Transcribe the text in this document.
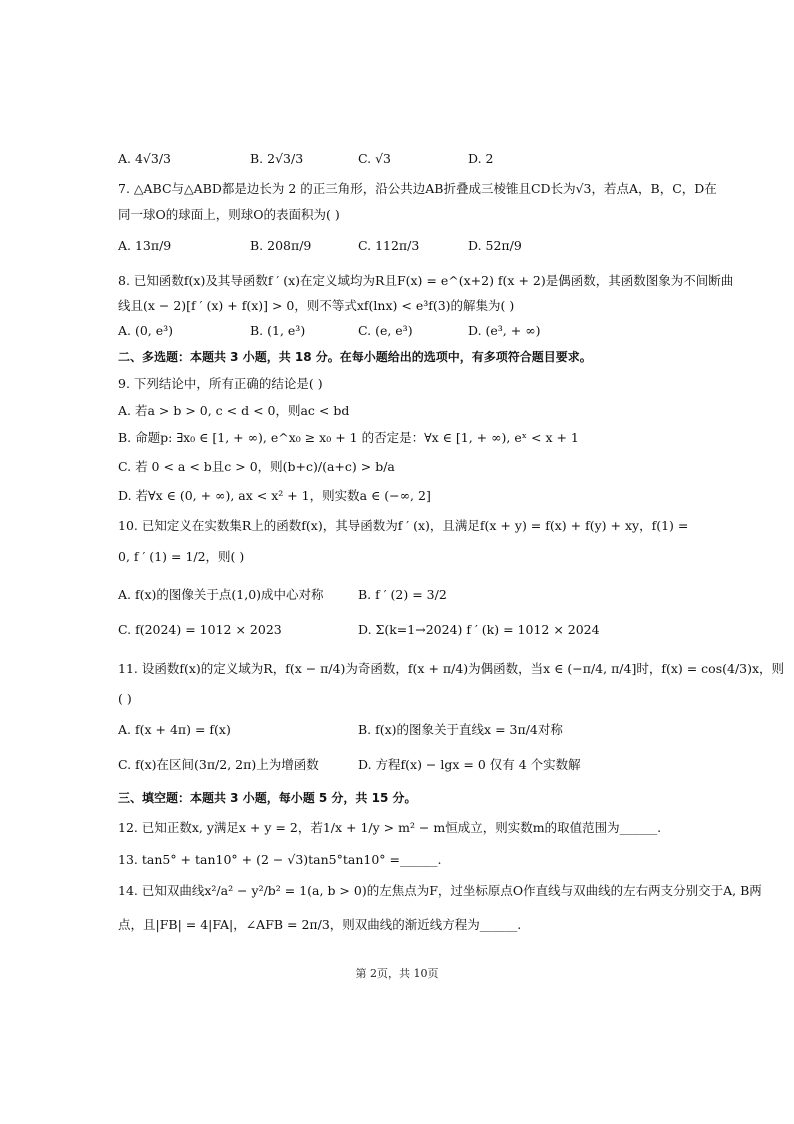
A. 4√3/3	B. 2√3/3	C. √3	D. 2
7. △ABC与△ABD都是边长为 2 的正三角形，沿公共边AB折叠成三棱锥且CD长为√3，若点A，B，C，D在
同一球O的球面上，则球O的表面积为( )
A. 13π/9	B. 208π/9	C. 112π/3	D. 52π/9
8. 已知函数f(x)及其导函数f ′ (x)在定义域均为R且F(x) = e^(x+2) f(x + 2)是偶函数，其函数图象为不间断曲
线且(x − 2)[f ′ (x) + f(x)] > 0，则不等式xf(lnx) < e³f(3)的解集为( )
A. (0, e³)	B. (1, e³)	C. (e, e³)	D. (e³, + ∞)
二、多选题：本题共 3 小题，共 18 分。在每小题给出的选项中，有多项符合题目要求。
9. 下列结论中，所有正确的结论是( )
A. 若a > b > 0, c < d < 0，则ac < bd
B. 命题p: ∃x₀ ∈ [1, + ∞), e^x₀ ≥ x₀ + 1 的否定是：∀x ∈ [1, + ∞), eˣ < x + 1
C. 若 0 < a < b且c > 0，则(b+c)/(a+c) > b/a
D. 若∀x ∈ (0, + ∞), ax < x² + 1，则实数a ∈ (−∞, 2]
10. 已知定义在实数集R上的函数f(x)，其导函数为f ′ (x)，且满足f(x + y) = f(x) + f(y) + xy，f(1) =
0, f ′ (1) = 1/2，则( )
A. f(x)的图像关于点(1,0)成中心对称	B. f ′ (2) = 3/2
C. f(2024) = 1012 × 2023	D. Σ(k=1→2024) f ′ (k) = 1012 × 2024
11. 设函数f(x)的定义域为R，f(x − π/4)为奇函数，f(x + π/4)为偶函数，当x ∈ (−π/4, π/4]时，f(x) = cos(4/3)x，则
( )
A. f(x + 4π) = f(x)	B. f(x)的图象关于直线x = 3π/4对称
C. f(x)在区间(3π/2, 2π)上为增函数	D. 方程f(x) − lgx = 0 仅有 4 个实数解
三、填空题：本题共 3 小题，每小题 5 分，共 15 分。
12. 已知正数x, y满足x + y = 2，若1/x + 1/y > m² − m恒成立，则实数m的取值范围为______.
13. tan5° + tan10° + (2 − √3)tan5°tan10° =______.
14. 已知双曲线x²/a² − y²/b² = 1(a, b > 0)的左焦点为F，过坐标原点O作直线与双曲线的左右两支分别交于A, B两
点，且|FB| = 4|FA|，∠AFB = 2π/3，则双曲线的渐近线方程为______.
第 2页，共 10页
